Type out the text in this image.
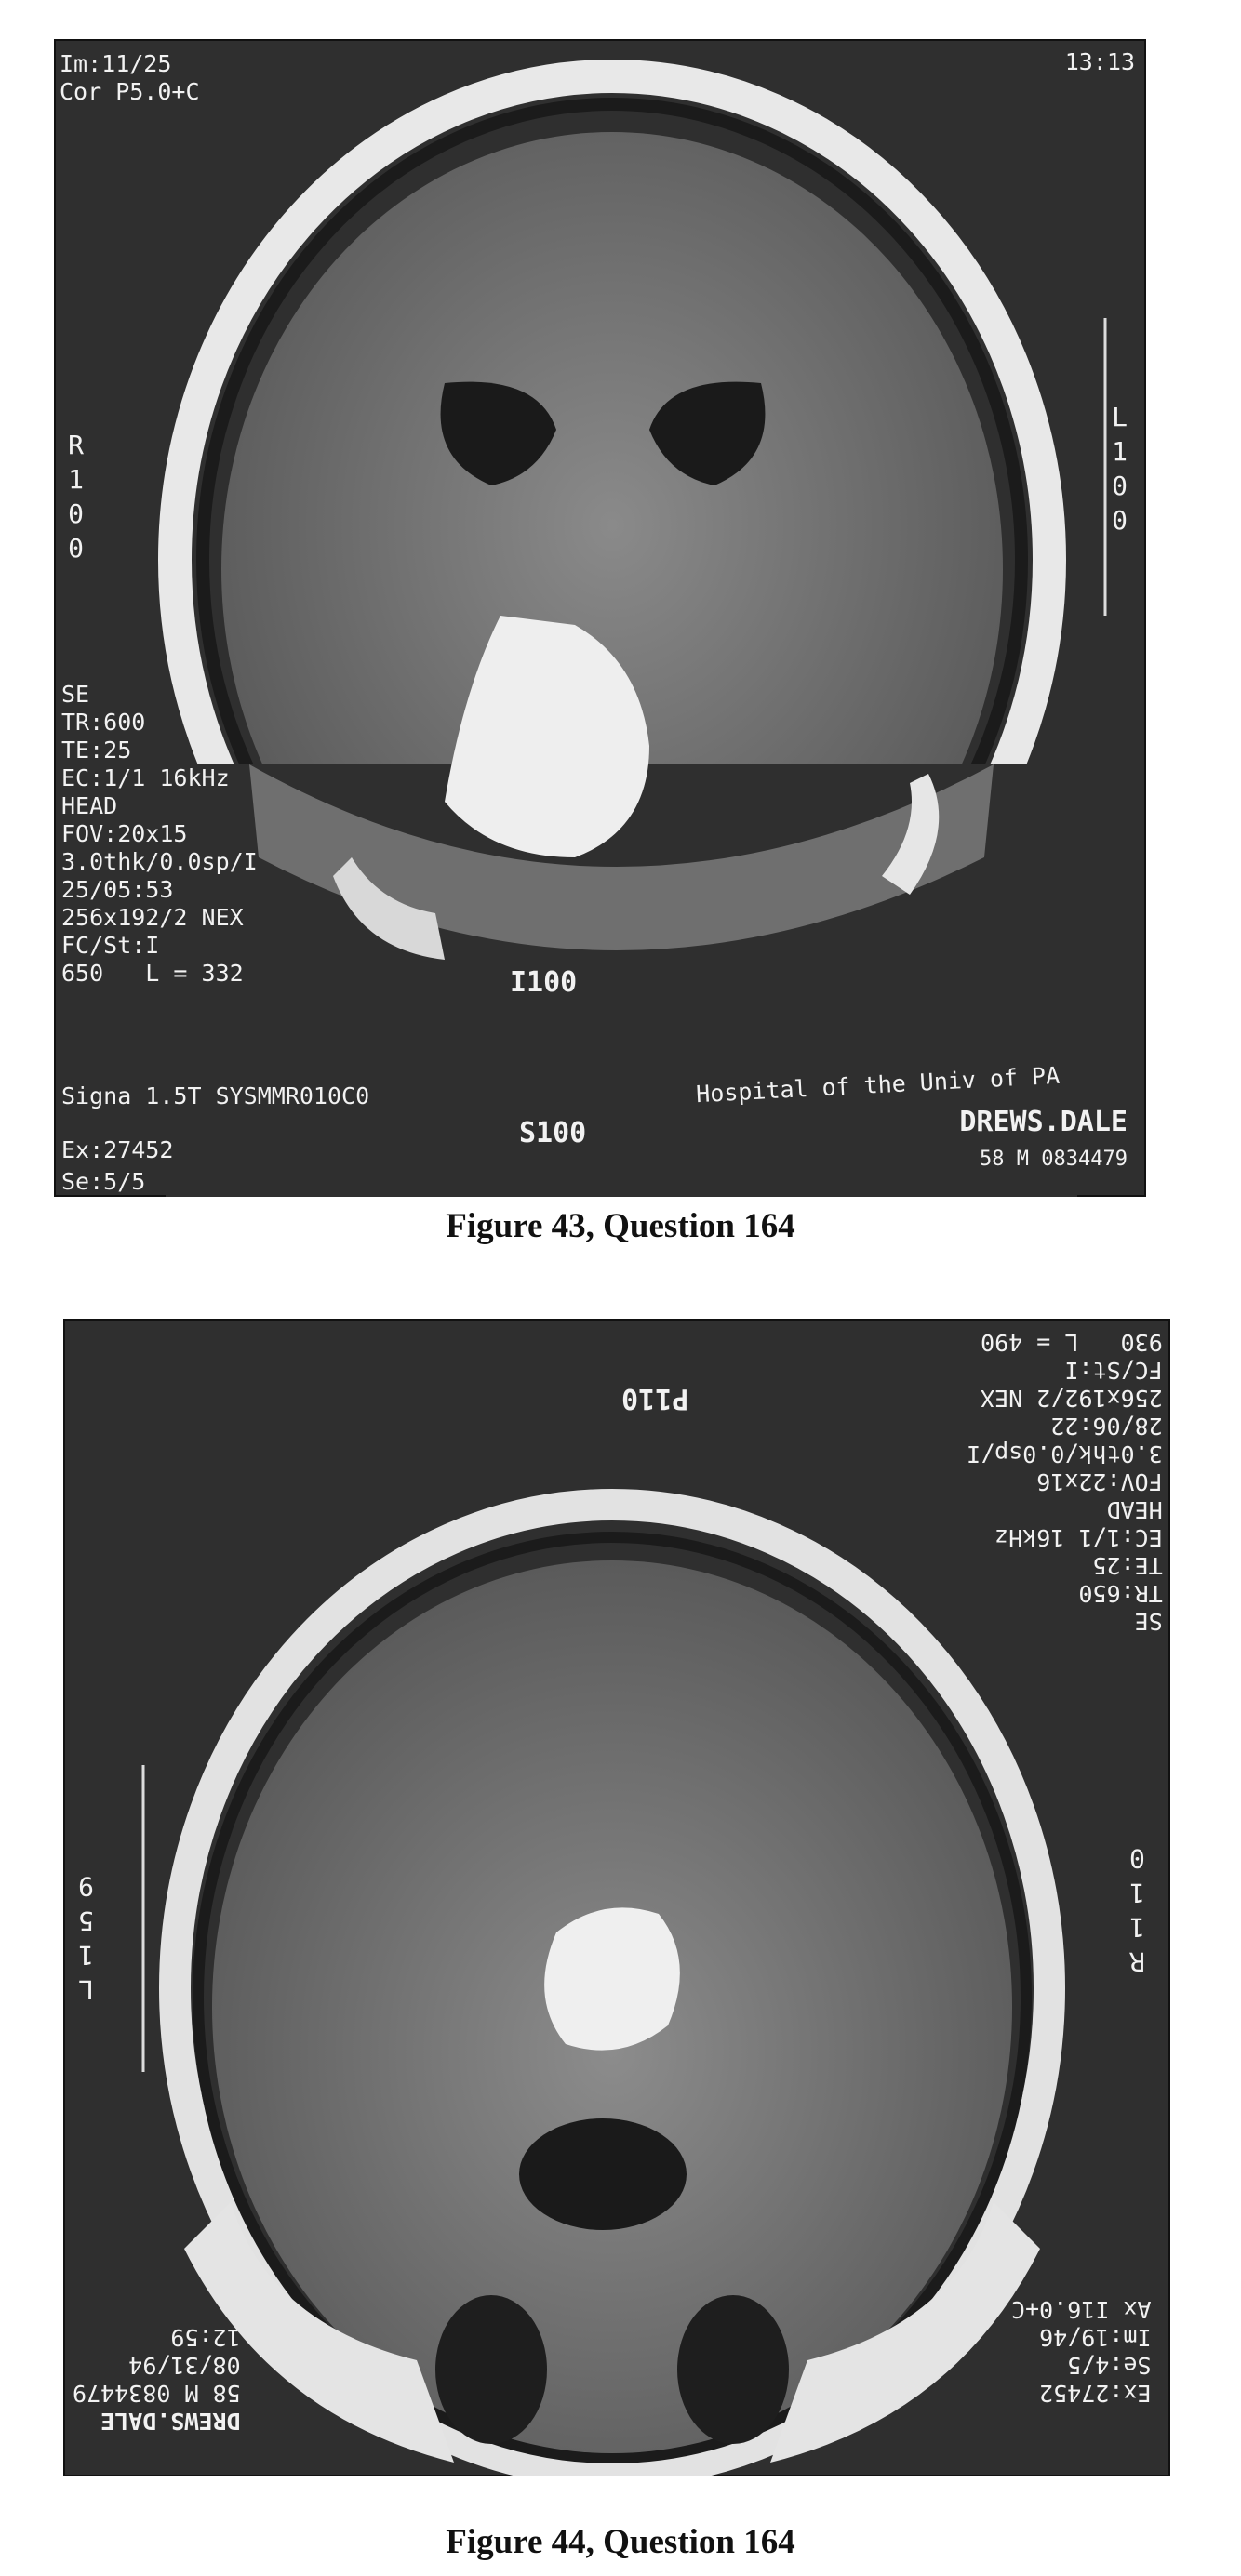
Im:11/25
Cor P5.0+C
13:13
L100
R100
SE
TR:600
TE:25
EC:1/1 16kHz
HEAD
FOV:20x15
3.0thk/0.0sp/I
25/05:53
256x192/2 NEX
FC/St:I
650   L = 332	I100
Signa 1.5T SYSMMR010C0
S100
Hospital of the Univ of PA
DREWS.DALE
Ex:27452	58 M 0834479
Se:5/5
Figure 43, Question 164
SE
TR:650
TE:25
EC:1/1 16kHz
HEAD
FOV:22x16
3.0thk/0.0sp/I
28/06:22
256x192/2 NEX
FC/St:I
930   L = 490
P110
R110
L159
Ex:27452
Se:4/5
Im:19/46
Ax I16.0+C
DREWS.DALE
58 M 0834479
08/31/94
12:59
Figure 44, Question 164
